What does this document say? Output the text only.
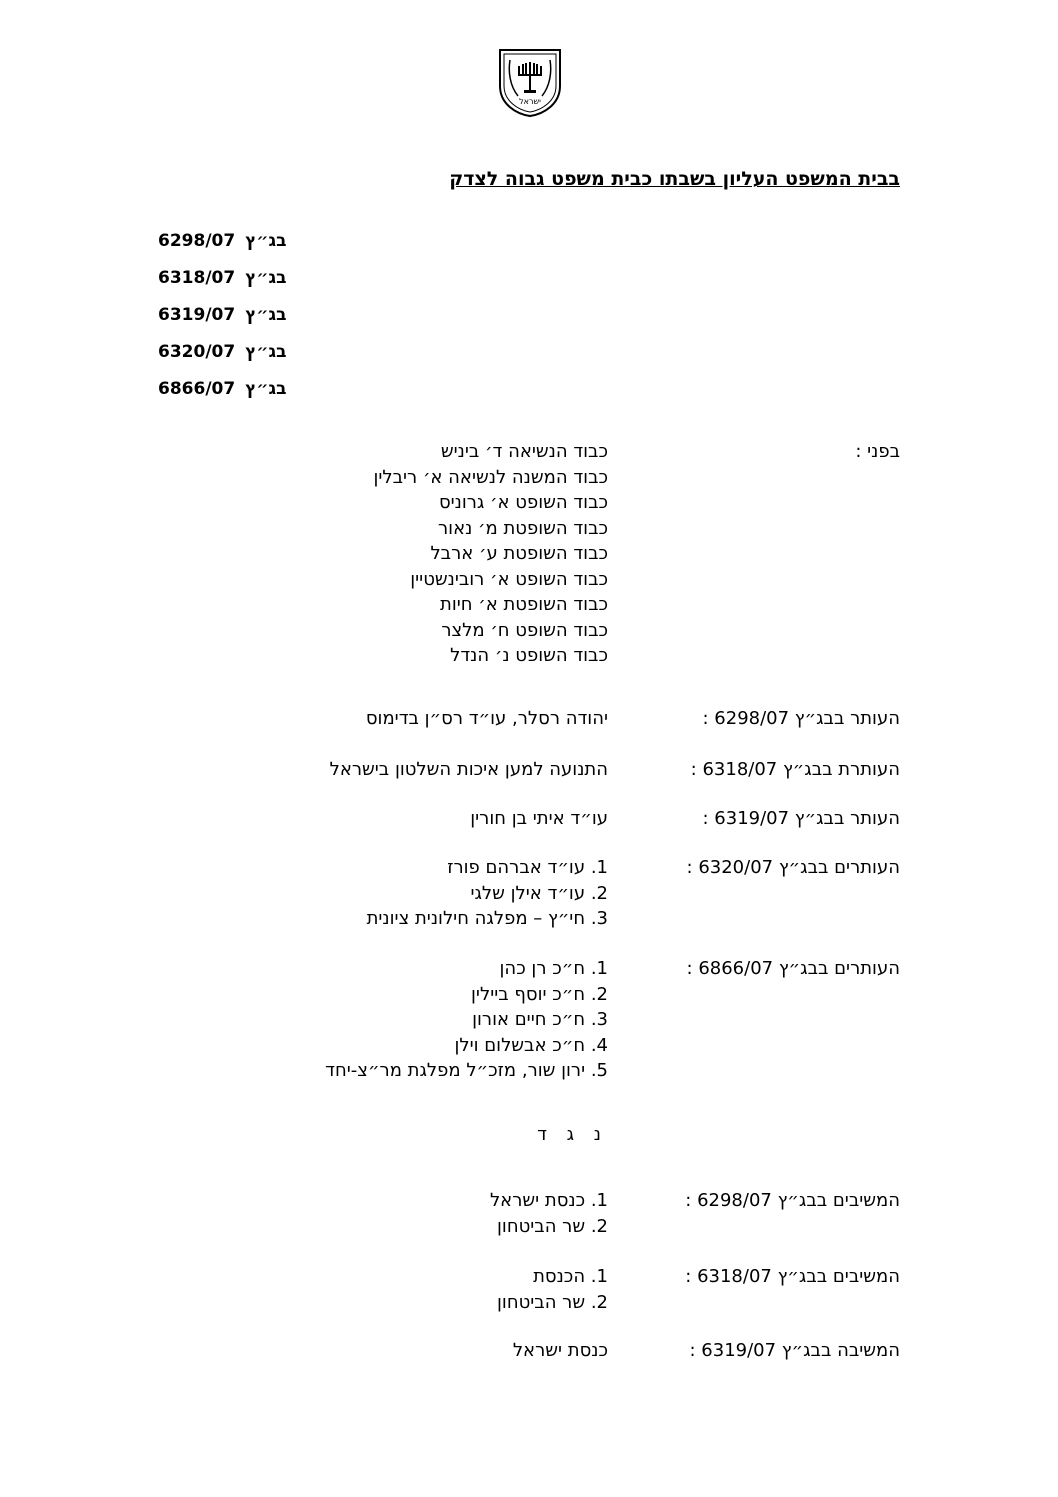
ישראל
בבית המשפט העליון בשבתו כבית משפט גבוה לצדק
בג״ץ6298/07
בג״ץ6318/07
בג״ץ6319/07
בג״ץ6320/07
בג״ץ6866/07
בפני :
כבוד הנשיאה ד׳ ביניש
כבוד המשנה לנשיאה א׳ ריבלין
כבוד השופט א׳ גרוניס
כבוד השופטת מ׳ נאור
כבוד השופטת ע׳ ארבל
כבוד השופט א׳ רובינשטיין
כבוד השופטת א׳ חיות
כבוד השופט ח׳ מלצר
כבוד השופט נ׳ הנדל
העותר בבג״ץ 6298/07 :
יהודה רסלר, עו״ד רס״ן בדימוס
העותרת בבג״ץ 6318/07 :
התנועה למען איכות השלטון בישראל
העותר בבג״ץ 6319/07 :
עו״ד איתי בן חורין
העותרים בבג״ץ 6320/07 :
1. עו״ד אברהם פורז
2. עו״ד אילן שלגי
3. חי״ץ – מפלגה חילונית ציונית
העותרים בבג״ץ 6866/07 :
1. ח״כ רן כהן
2. ח״כ יוסף ביילין
3. ח״כ חיים אורון
4. ח״כ אבשלום וילן
5. ירון שור, מזכ״ל מפלגת מר״צ-יחד
נ ג ד
המשיבים בבג״ץ 6298/07 :
1. כנסת ישראל
2. שר הביטחון
המשיבים בבג״ץ 6318/07 :
1. הכנסת
2. שר הביטחון
המשיבה בבג״ץ 6319/07 :
כנסת ישראל
